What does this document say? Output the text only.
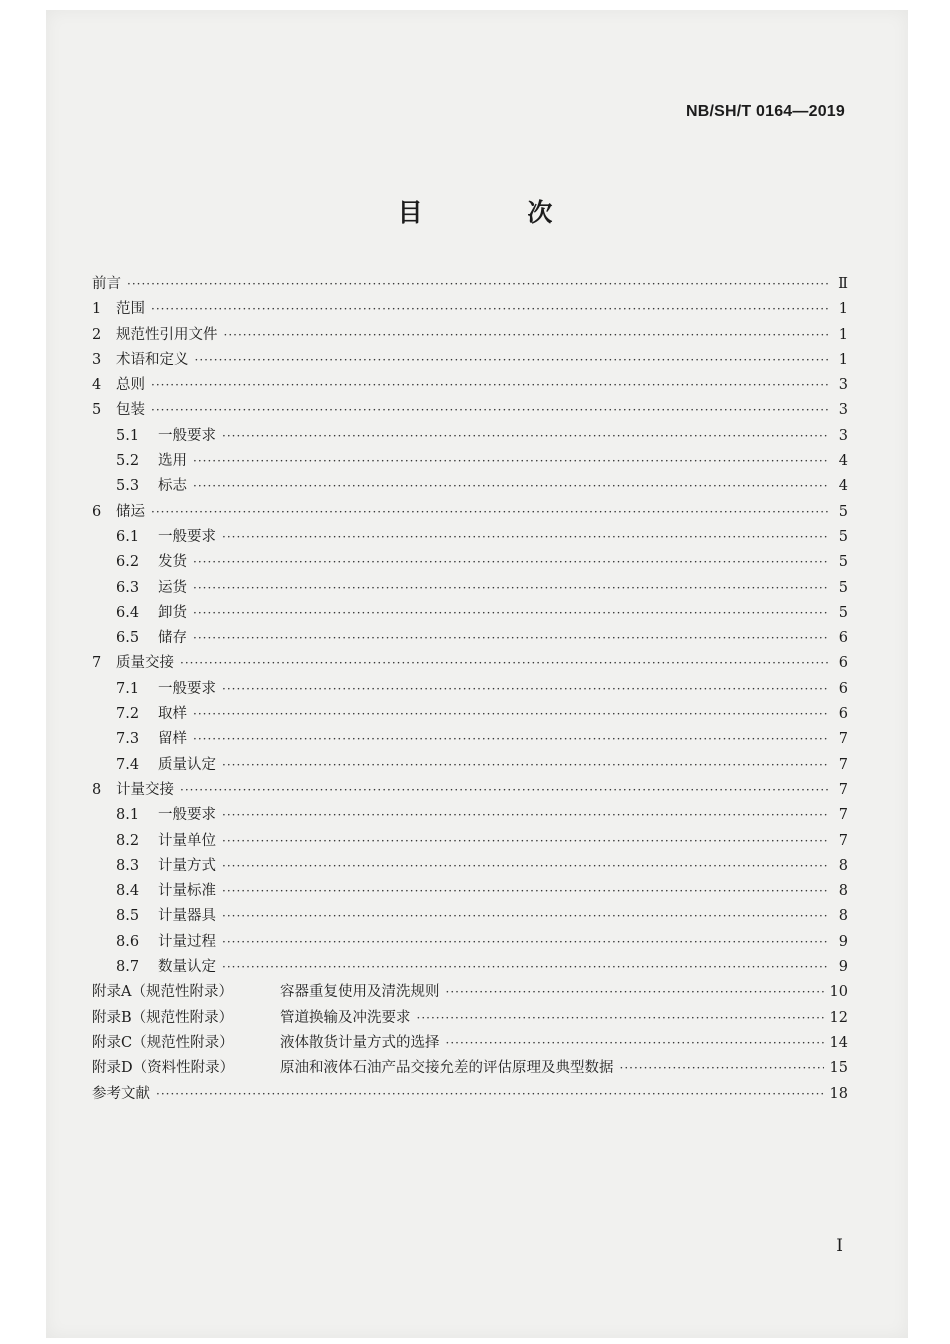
NB/SH/T 0164—2019
目 次
前言 ·····	Ⅱ
1	范围 ·····	1
2	规范性引用文件 ·····	1
3	术语和定义 ·····	1
4	总则 ·····	3
5	包装 ·····	3
5.1	一般要求 ·····	3
5.2	选用 ·····	4
5.3	标志 ·····	4
6	储运 ·····	5
6.1	一般要求 ·····	5
6.2	发货 ·····	5
6.3	运货 ·····	5
6.4	卸货 ·····	5
6.5	储存 ·····	6
7	质量交接 ·····	6
7.1	一般要求 ·····	6
7.2	取样 ·····	6
7.3	留样 ·····	7
7.4	质量认定 ·····	7
8	计量交接 ·····	7
8.1	一般要求 ·····	7
8.2	计量单位 ·····	7
8.3	计量方式 ·····	8
8.4	计量标准 ·····	8
8.5	计量器具 ·····	8
8.6	计量过程 ·····	9
8.7	数量认定 ·····	9
附录A（规范性附录）	容器重复使用及清洗规则 ·····	10
附录B（规范性附录）	管道换输及冲洗要求 ·····	12
附录C（规范性附录）	液体散货计量方式的选择 ·····	14
附录D（资料性附录）	原油和液体石油产品交接允差的评估原理及典型数据 ·····	15
参考文献 ·····	18
Ⅰ
